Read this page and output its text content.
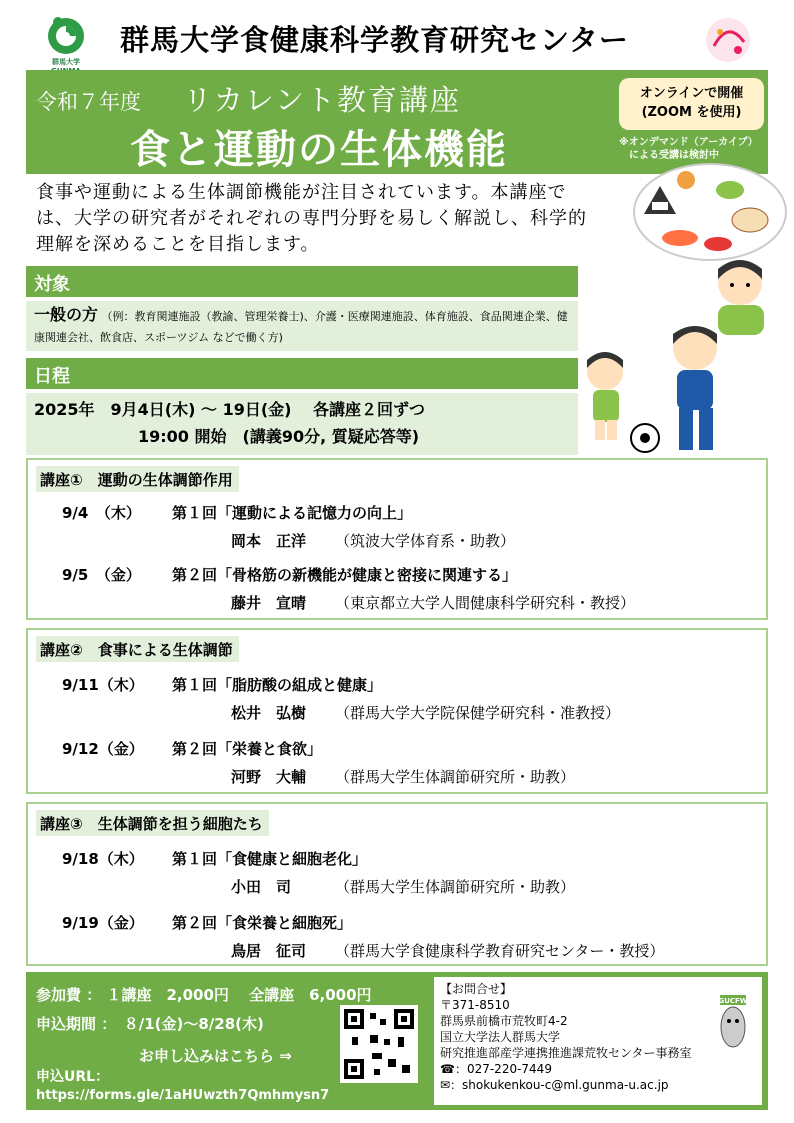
群馬大学

群馬大学食健康科学教育研究センター
令和７年度 リカレント教育講座
食と運動の生体機能
オンラインで開催
(ZOOM を使用)
※オンデマンド（アーカイブ）
　による受講は検討中
食事や運動による生体調節機能が注目されています。本講座では、大学の研究者がそれぞれの専門分野を易しく解説し、科学的理解を深めることを目指します。
対象
一般の方 （例：教育関連施設（教諭、管理栄養士)、介護・医療関連施設、体育施設、食品関連企業、健康関連会社、飲食店、スポーツジム などで働く方)
日程
2025年　9月4日(木) ～ 19日(金)　 各講座２回ずつ
19:00 開始　(講義90分, 質疑応答等)
講座①　運動の生体調節作用
9/4　（木） 第１回「運動による記憶力の向上」
岡本　正洋 （筑波大学体育系・助教）
9/5　（金） 第２回「骨格筋の新機能が健康と密接に関連する」
藤井　宣晴 （東京都立大学人間健康科学研究科・教授）
講座②　食事による生体調節
9/11（木） 第１回「脂肪酸の組成と健康」
松井　弘樹 （群馬大学大学院保健学研究科・准教授）
9/12（金） 第２回「栄養と食欲」
河野　大輔 （群馬大学生体調節研究所・助教）
講座③　生体調節を担う細胞たち
9/18（木） 第１回「食健康と細胞老化」
小田　司	（群馬大学生体調節研究所・助教）
9/19（金） 第２回「食栄養と細胞死」
鳥居　征司 （群馬大学食健康科学教育研究センター・教授）
参加費 ： １講座　2,000円　 全講座　6,000円
申込期間 ：　８/1(金)～8/28(木)
お申し込みはこちら ⇒
申込URL：
https://forms.gle/1aHUwzth7Qmhmysn7
【お問合せ】
〒371-8510
群馬県前橋市荒牧町4-2
国立大学法人群馬大学
研究推進部産学連携推進課荒牧センター事務室
☎：027-220-7449
✉：shokukenkou-c@ml.gunma-u.ac.jp
GUCFW
